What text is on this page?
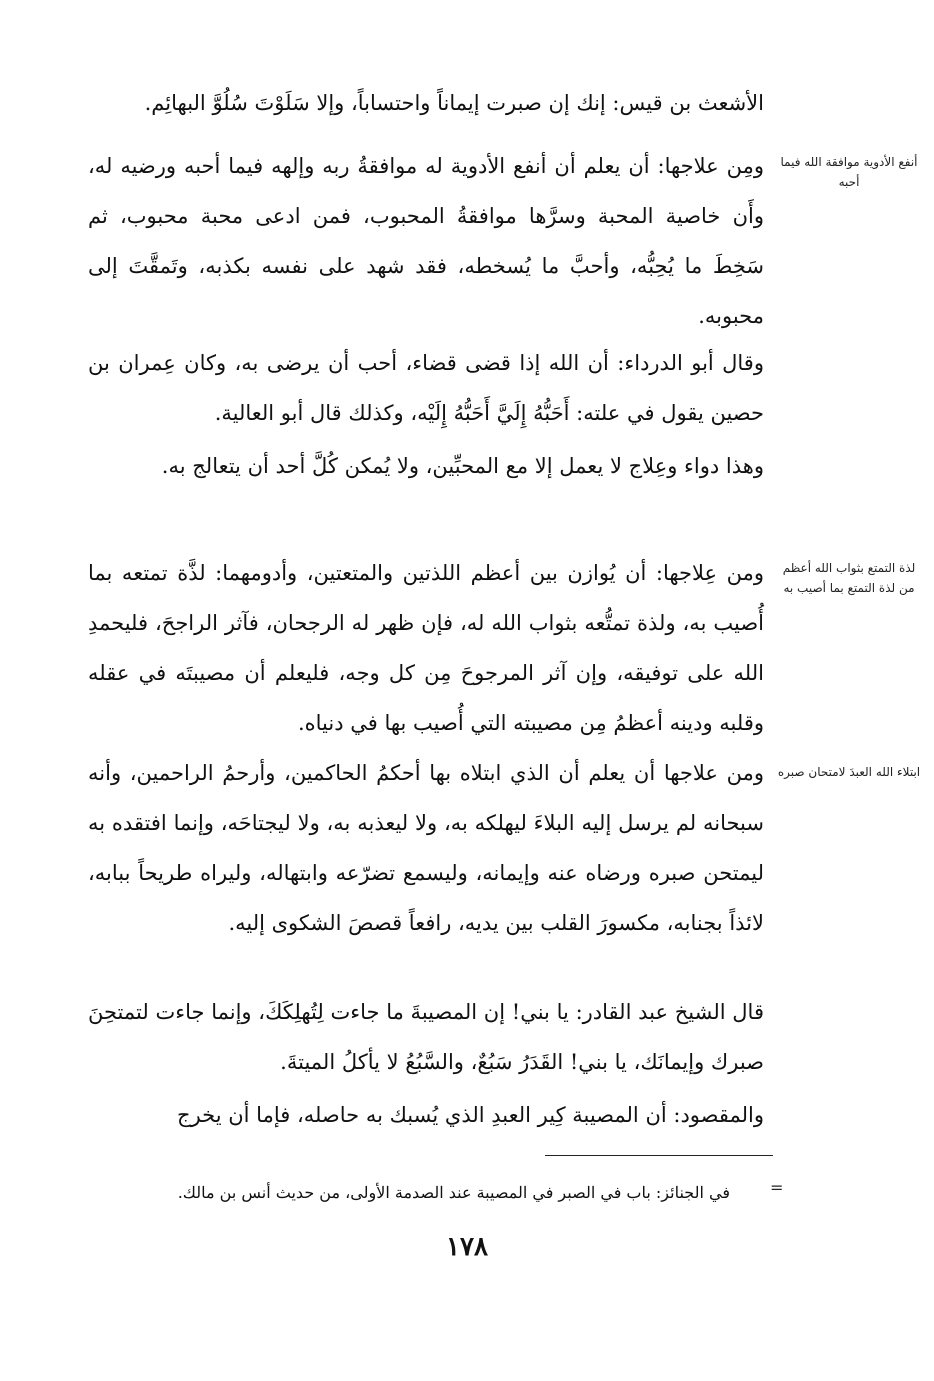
الأشعث بن قيس: إنك إن صبرت إيماناً واحتساباً، وإلا سَلَوْتَ سُلُوَّ البهائِم.

أنفع الأدوية موافقة الله فيما أحبه

ومِن علاجها: أن يعلم أن أنفع الأدوية له موافقةُ ربه وإلهه فيما أحبه ورضيه له، وأَن خاصية المحبة وسرَّها موافقةُ المحبوب، فمن ادعى محبة محبوب، ثم سَخِطَ ما يُحِبُّه، وأحبَّ ما يُسخطه، فقد شهد على نفسه بكذبه، وتَمقَّتَ إلى محبوبه.

وقال أبو الدرداء: أن الله إذا قضى قضاء، أحب أن يرضى به، وكان عِمران بن حصين يقول في علته: أَحَبُّهُ إِلَيَّ أَحَبُّهُ إِلَيْه، وكذلك قال أبو العالية.

وهذا دواء وعِلاج لا يعمل إلا مع المحبِّين، ولا يُمكن كُلَّ أحد أن يتعالج به.

لذة التمتع بثواب الله أعظم من لذة التمتع بما أصيب به

ومن عِلاجها: أن يُوازن بين أعظم اللذتين والمتعتين، وأدومهما: لذَّة تمتعه بما أُصيب به، ولذة تمتُّعه بثواب الله له، فإن ظهر له الرجحان، فآثر الراجحَ، فليحمدِ الله على توفيقه، وإن آثر المرجوحَ مِن كل وجه، فليعلم أن مصيبتَه في عقله وقلبه ودينه أعظمُ مِن مصيبته التي أُصيب بها في دنياه.

ابتلاء الله العبدَ لامتحان صبره

ومن علاجها أن يعلم أن الذي ابتلاه بها أحكمُ الحاكمين، وأرحمُ الراحمين، وأنه سبحانه لم يرسل إليه البلاءَ ليهلكه به، ولا ليعذبه به، ولا ليجتاحَه، وإنما افتقده به ليمتحن صبره ورضاه عنه وإيمانه، وليسمع تضرّعه وابتهاله، وليراه طريحاً ببابه، لائذاً بجنابه، مكسورَ القلب بين يديه، رافعاً قصصَ الشكوى إليه.

قال الشيخ عبد القادر: يا بني! إن المصيبةَ ما جاءت لِتُهلِكَكَ، وإنما جاءت لتمتحِنَ صبرك وإيمانَك، يا بني! القَدَرُ سَبُعٌ، والسَّبُعُ لا يأكلُ الميتةَ.

والمقصود: أن المصيبة كِير العبدِ الذي يُسبك به حاصله، فإما أن يخرج

=
في الجنائز: باب في الصبر في المصيبة عند الصدمة الأولى، من حديث أنس بن مالك.
١٧٨
